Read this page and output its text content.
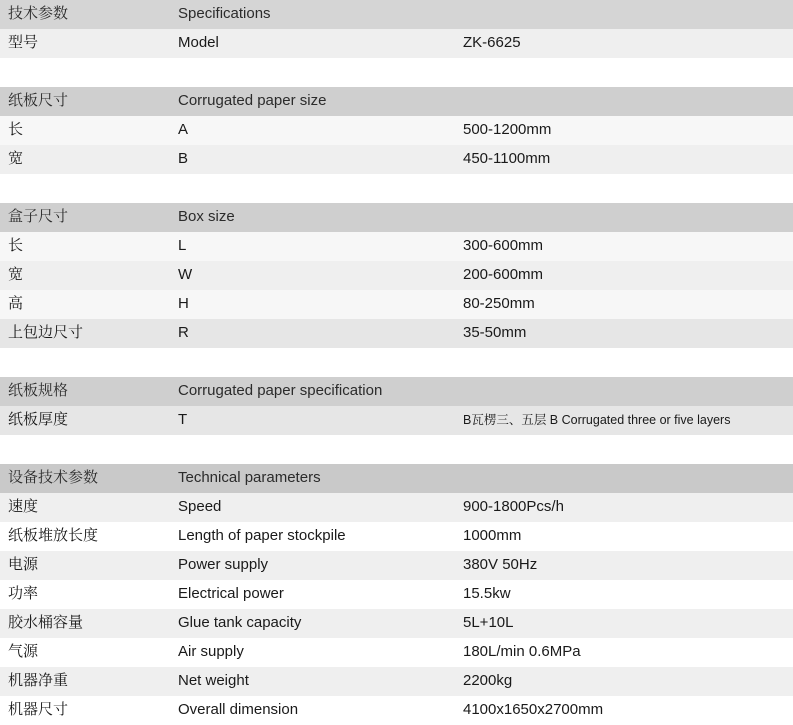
技术参数	Specifications	
型号	Model	ZK-6625

纸板尺寸	Corrugated paper size	
长	A	500-1200mm
宽	B	450-1100mm

盒子尺寸	Box size	
长	L	300-600mm
宽	W	200-600mm
高	H	80-250mm
上包边尺寸	R	35-50mm

纸板规格	Corrugated paper specification	
纸板厚度	T	B瓦楞三、五层 B Corrugated three or five layers

设备技术参数	Technical parameters	
速度	Speed	900-1800Pcs/h
纸板堆放长度	Length of paper stockpile	1000mm
电源	Power supply	380V 50Hz
功率	Electrical power	15.5kw
胶水桶容量	Glue tank capacity	5L+10L
气源	Air supply	180L/min 0.6MPa
机器净重	Net weight	2200kg
机器尺寸	Overall dimension	4100x1650x2700mm
